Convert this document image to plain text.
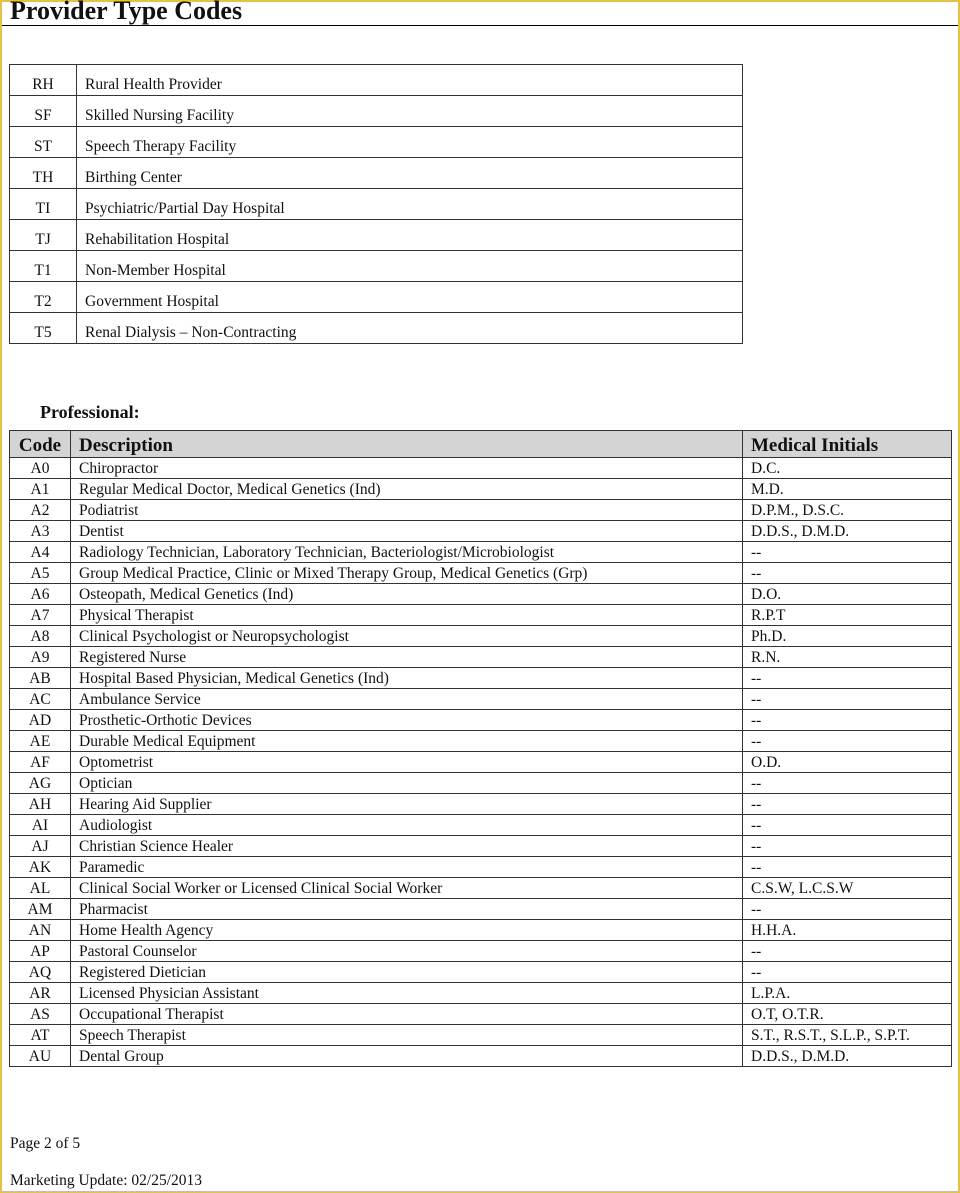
Provider Type Codes
RH	Rural Health Provider
SF	Skilled Nursing Facility
ST	Speech Therapy Facility
TH	Birthing Center
TI	Psychiatric/Partial Day Hospital
TJ	Rehabilitation Hospital
T1	Non-Member Hospital
T2	Government Hospital
T5	Renal Dialysis – Non-Contracting
Professional:
Code	Description	Medical Initials
A0	Chiropractor	D.C.
A1	Regular Medical Doctor, Medical Genetics (Ind)	M.D.
A2	Podiatrist	D.P.M., D.S.C.
A3	Dentist	D.D.S., D.M.D.
A4	Radiology Technician, Laboratory Technician, Bacteriologist/Microbiologist	--
A5	Group Medical Practice, Clinic or Mixed Therapy Group, Medical Genetics (Grp)	--
A6	Osteopath, Medical Genetics (Ind)	D.O.
A7	Physical Therapist	R.P.T
A8	Clinical Psychologist or Neuropsychologist	Ph.D.
A9	Registered Nurse	R.N.
AB	Hospital Based Physician, Medical Genetics (Ind)	--
AC	Ambulance Service	--
AD	Prosthetic-Orthotic Devices	--
AE	Durable Medical Equipment	--
AF	Optometrist	O.D.
AG	Optician	--
AH	Hearing Aid Supplier	--
AI	Audiologist	--
AJ	Christian Science Healer	--
AK	Paramedic	--
AL	Clinical Social Worker or Licensed Clinical Social Worker	C.S.W, L.C.S.W
AM	Pharmacist	--
AN	Home Health Agency	H.H.A.
AP	Pastoral Counselor	--
AQ	Registered Dietician	--
AR	Licensed Physician Assistant	L.P.A.
AS	Occupational Therapist	O.T, O.T.R.
AT	Speech Therapist	S.T., R.S.T., S.L.P., S.P.T.
AU	Dental Group	D.D.S., D.M.D.
Page 2 of 5
Marketing Update: 02/25/2013
